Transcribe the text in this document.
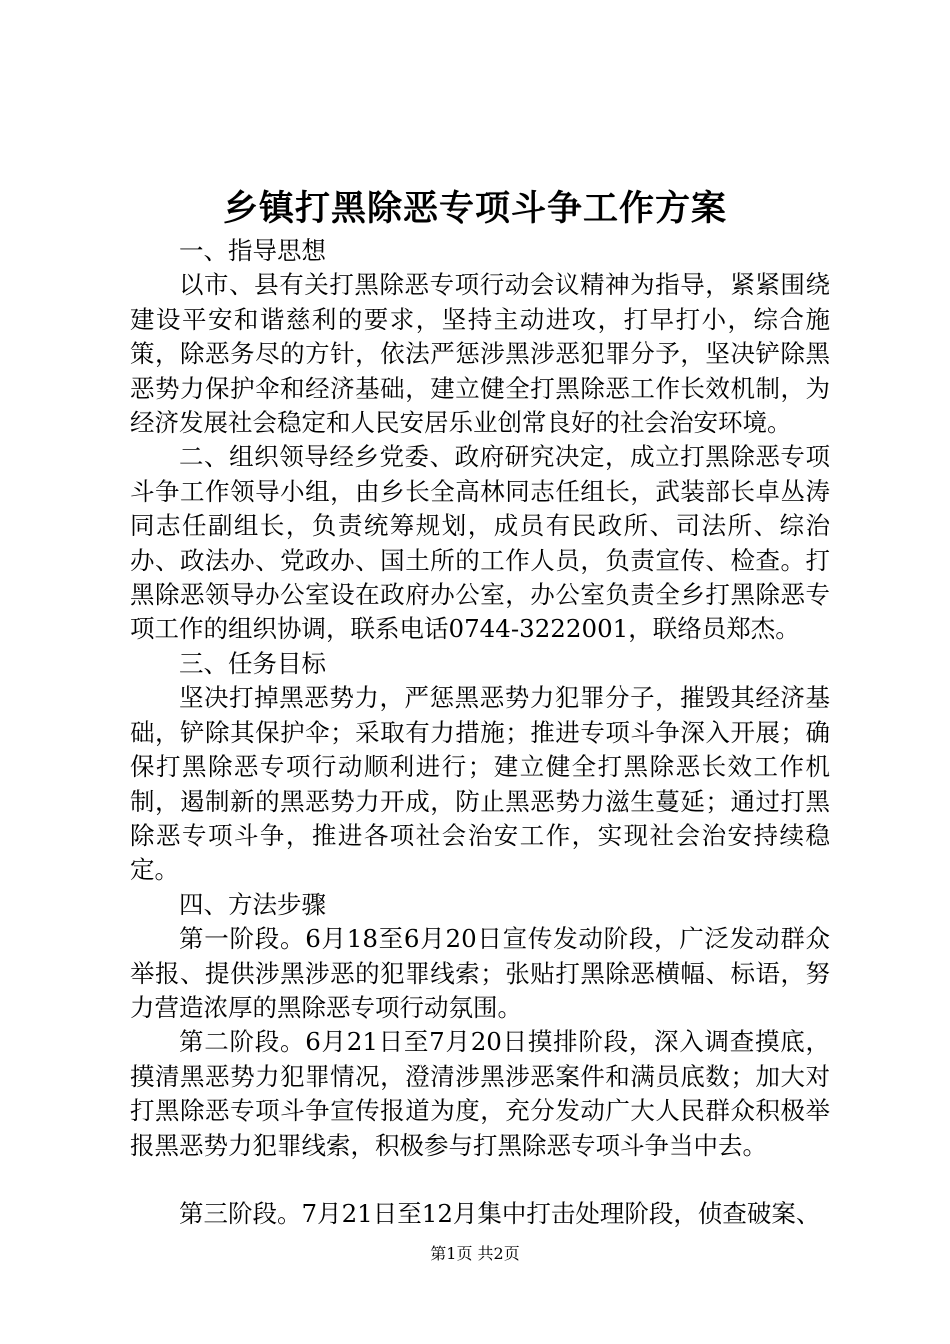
乡镇打黑除恶专项斗争工作方案

一、指导思想

以市、县有关打黑除恶专项行动会议精神为指导，紧紧围绕建设平安和谐慈利的要求，坚持主动进攻，打早打小，综合施策，除恶务尽的方针，依法严惩涉黑涉恶犯罪分予，坚决铲除黑恶势力保护伞和经济基础，建立健全打黑除恶工作长效机制，为经济发展社会稳定和人民安居乐业创常良好的社会治安环境。

二、组织领导经乡党委、政府研究决定，成立打黑除恶专项斗争工作领导小组，由乡长全高林同志任组长，武装部长卓丛涛同志任副组长，负责统筹规划，成员有民政所、司法所、综治办、政法办、党政办、国土所的工作人员，负责宣传、检查。打黑除恶领导办公室设在政府办公室，办公室负责全乡打黑除恶专项工作的组织协调，联系电话0744-3222001，联络员郑杰。

三、任务目标

坚决打掉黑恶势力，严惩黑恶势力犯罪分子，摧毁其经济基础，铲除其保护伞；采取有力措施；推进专项斗争深入开展；确保打黑除恶专项行动顺利进行；建立健全打黑除恶长效工作机制，遏制新的黑恶势力开成，防止黑恶势力滋生蔓延；通过打黑除恶专项斗争，推进各项社会治安工作，实现社会治安持续稳定。

四、方法步骤

第一阶段。6月18至6月20日宣传发动阶段，广泛发动群众举报、提供涉黑涉恶的犯罪线索；张贴打黑除恶横幅、标语，努力营造浓厚的黑除恶专项行动氛围。

第二阶段。6月21日至7月20日摸排阶段，深入调查摸底，摸清黑恶势力犯罪情况，澄清涉黑涉恶案件和满员底数；加大对打黑除恶专项斗争宣传报道为度，充分发动广大人民群众积极举报黑恶势力犯罪线索，积极参与打黑除恶专项斗争当中去。

第三阶段。7月21日至12月集中打击处理阶段，侦查破案、

第1页 共2页
